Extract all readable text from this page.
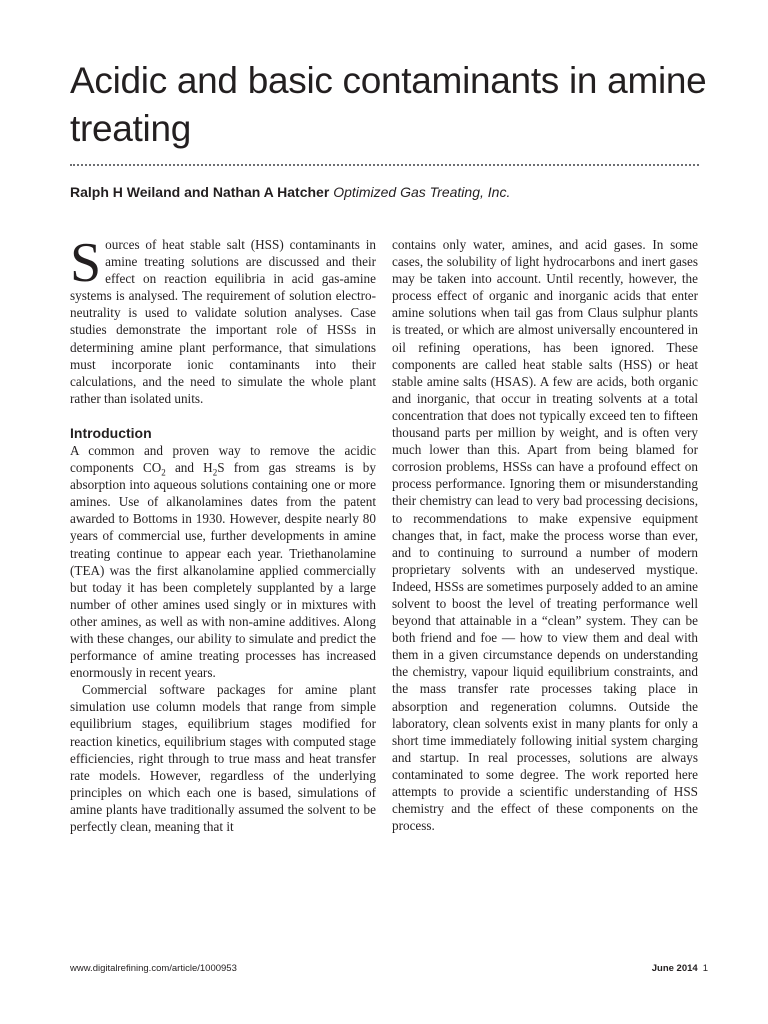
Acidic and basic contaminants in amine treating
Ralph H Weiland and Nathan A Hatcher Optimized Gas Treating, Inc.

Sources of heat stable salt (HSS) contaminants in amine treating solutions are discussed and their effect on reaction equilibria in acid gas-amine systems is analysed. The requirement of solution electro-neutrality is used to validate solution analyses. Case studies demonstrate the important role of HSSs in determining amine plant performance, that simulations must incorporate ionic contaminants into their calculations, and the need to simulate the whole plant rather than isolated units.

Introduction

A common and proven way to remove the acidic components $CO_2$ and $H_2S$ from gas streams is by absorption into aqueous solutions containing one or more amines. Use of alkanolamines dates from the patent awarded to Bottoms in 1930. However, despite nearly 80 years of commercial use, further developments in amine treating continue to appear each year. Triethanolamine (TEA) was the first alkanolamine applied commercially but today it has been completely supplanted by a large number of other amines used singly or in mixtures with other amines, as well as with non-amine additives. Along with these changes, our ability to simulate and predict the performance of amine treating processes has increased enormously in recent years.

Commercial software packages for amine plant simulation use column models that range from simple equilibrium stages, equilibrium stages modified for reaction kinetics, equilibrium stages with computed stage efficiencies, right through to true mass and heat transfer rate models. However, regardless of the underlying principles on which each one is based, simulations of amine plants have traditionally assumed the solvent to be perfectly clean, meaning that it

contains only water, amines, and acid gases. In some cases, the solubility of light hydrocarbons and inert gases may be taken into account. Until recently, however, the process effect of organic and inorganic acids that enter amine solutions when tail gas from Claus sulphur plants is treated, or which are almost universally encountered in oil refining operations, has been ignored. These components are called heat stable salts (HSS) or heat stable amine salts (HSAS). A few are acids, both organic and inorganic, that occur in treating solvents at a total concentration that does not typically exceed ten to fifteen thousand parts per million by weight, and is often very much lower than this. Apart from being blamed for corrosion problems, HSSs can have a profound effect on process performance. Ignoring them or misunderstanding their chemistry can lead to very bad processing decisions, to recommendations to make expensive equipment changes that, in fact, make the process worse than ever, and to continuing to surround a number of modern proprietary solvents with an undeserved mystique. Indeed, HSSs are sometimes purposely added to an amine solvent to boost the level of treating performance well beyond that attainable in a “clean” system. They can be both friend and foe — how to view them and deal with them in a given circumstance depends on understanding the chemistry, vapour liquid equilibrium constraints, and the mass transfer rate processes taking place in absorption and regeneration columns. Outside the laboratory, clean solvents exist in many plants for only a short time immediately following initial system charging and startup. In real processes, solutions are always contaminated to some degree. The work reported here attempts to provide a scientific understanding of HSS chemistry and the effect of these components on the process.

www.digitalrefining.com/article/1000953	June 2014 1
